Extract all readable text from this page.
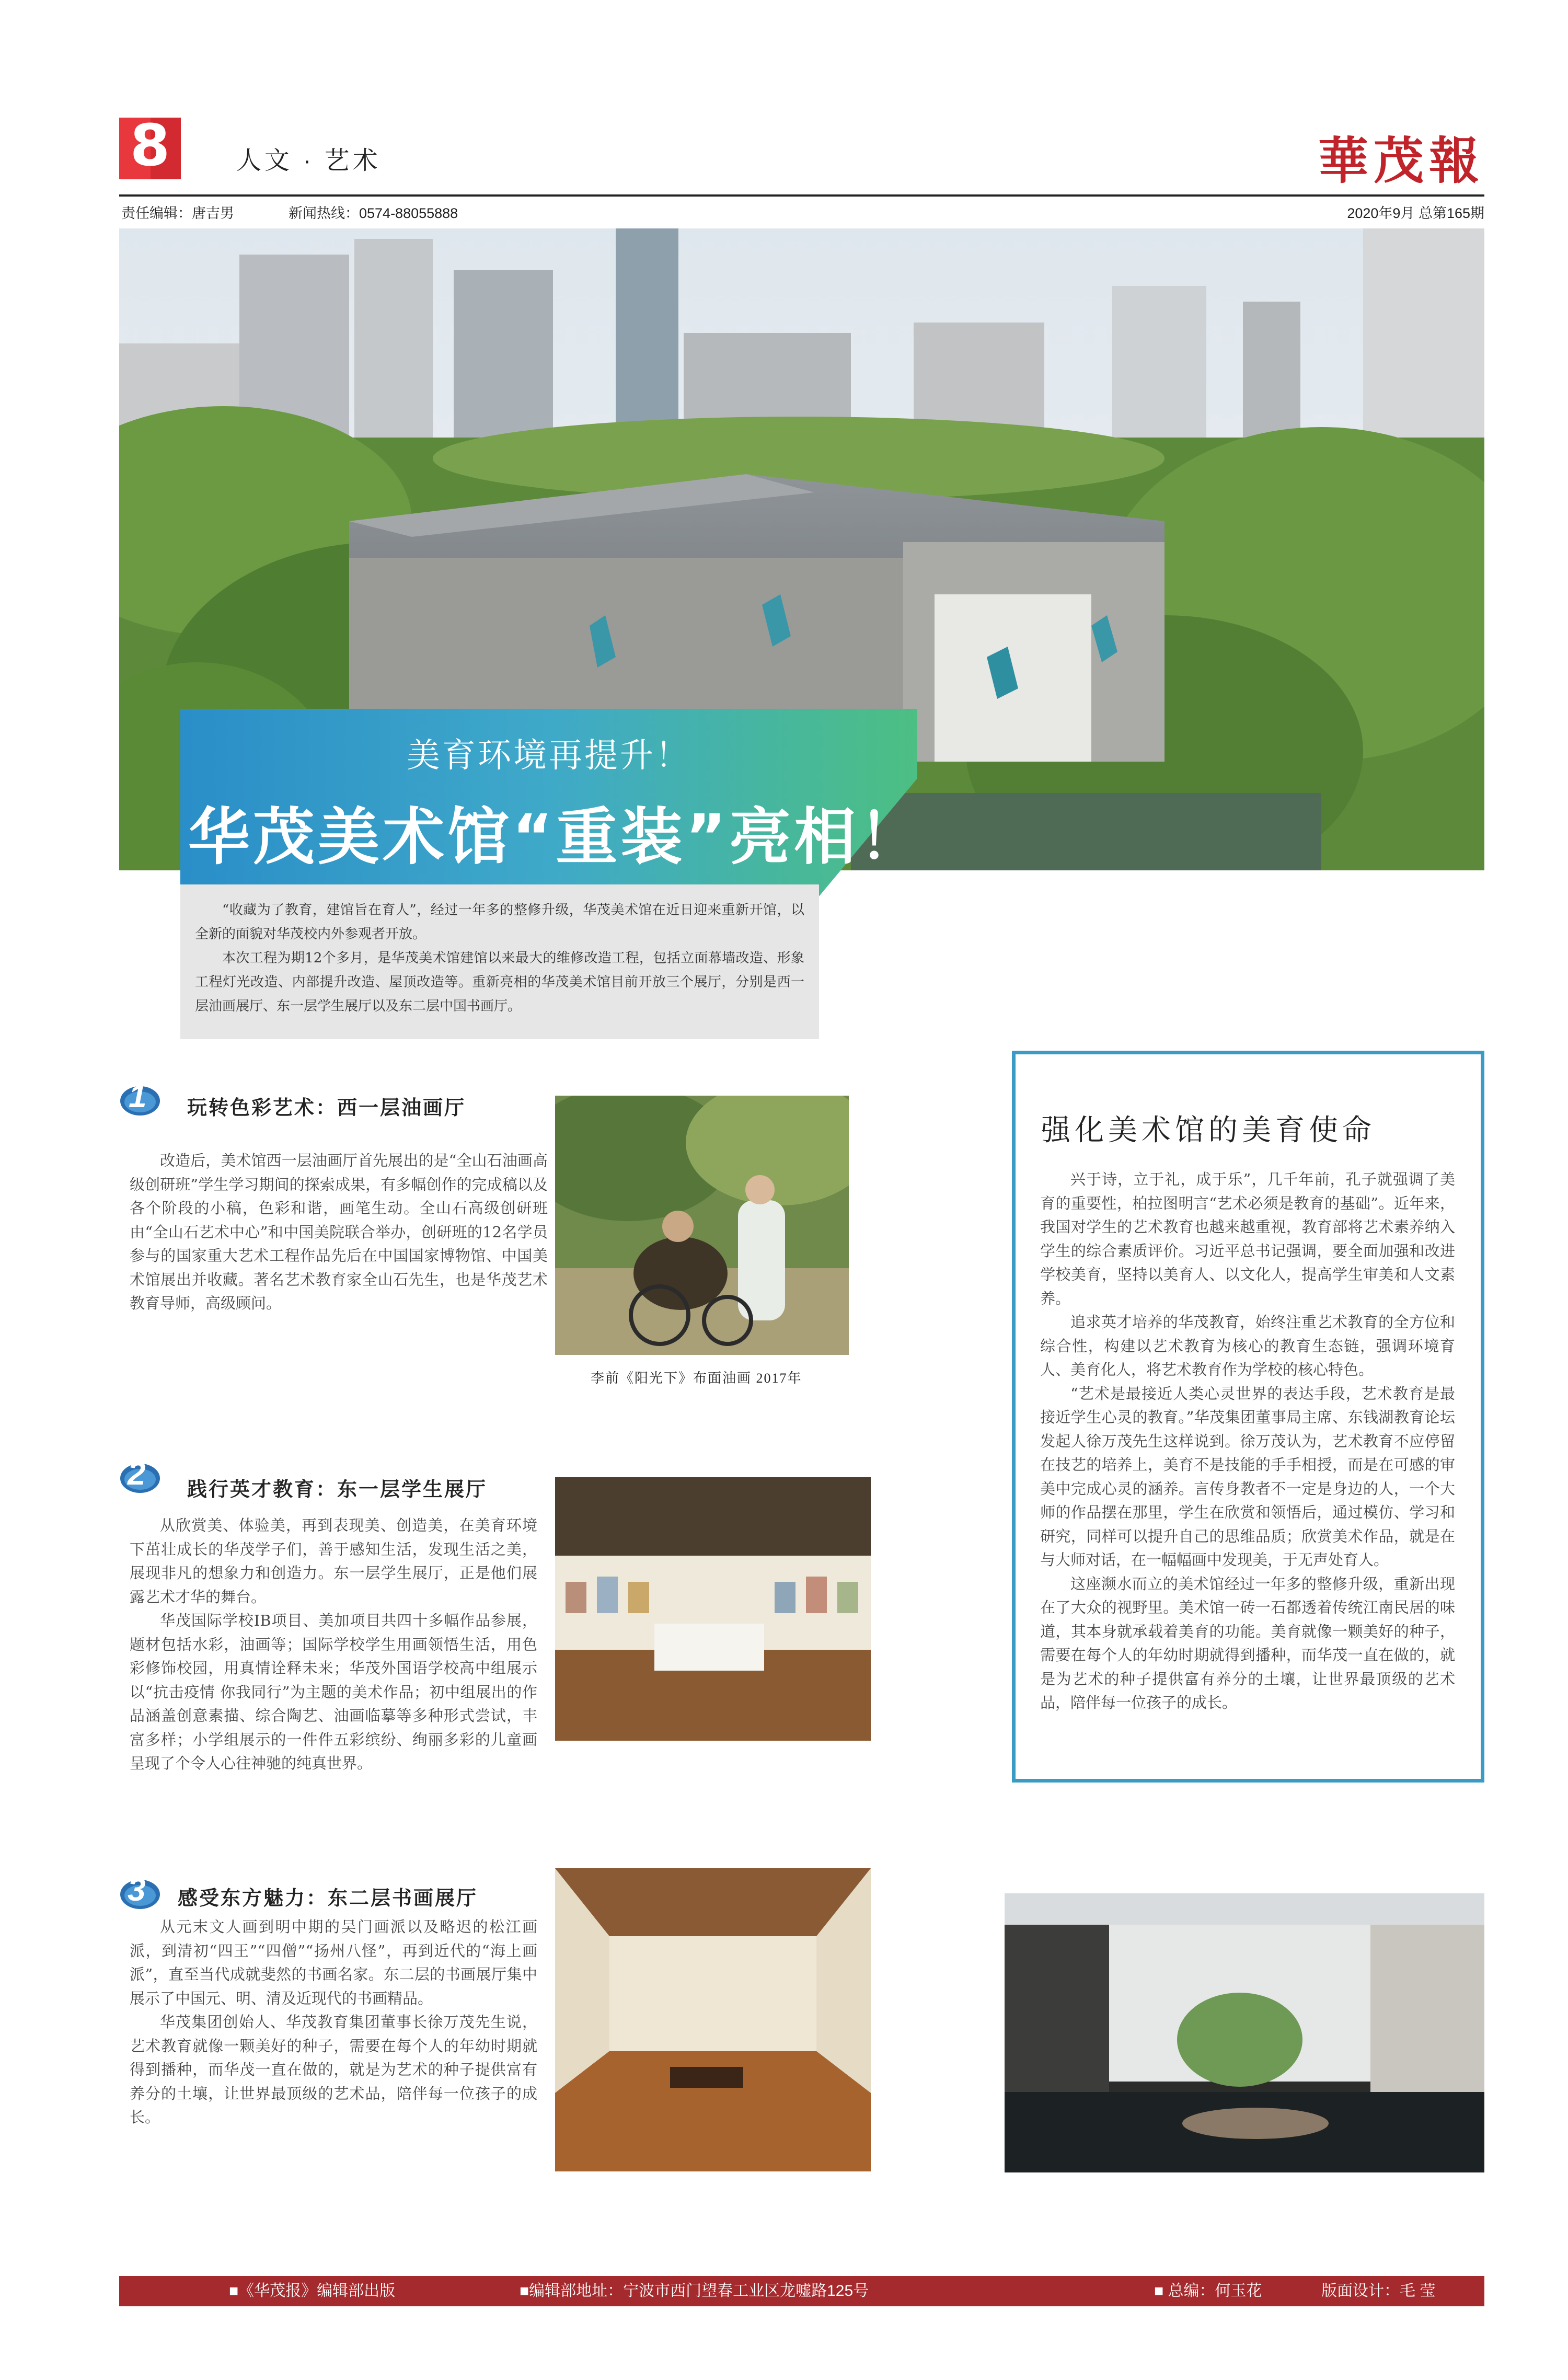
8	人文 · 艺术	華茂報
责任编辑：唐吉男	新闻热线：0574-88055888	2020年9月 总第165期
美育环境再提升！
华茂美术馆“重装”亮相！

“收藏为了教育，建馆旨在育人”，经过一年多的整修升级，华茂美术馆在近日迎来重新开馆，以全新的面貌对华茂校内外参观者开放。

本次工程为期12个多月，是华茂美术馆建馆以来最大的维修改造工程，包括立面幕墙改造、形象工程灯光改造、内部提升改造、屋顶改造等。重新亮相的华茂美术馆目前开放三个展厅，分别是西一层油画展厅、东一层学生展厅以及东二层中国书画厅。

1 玩转色彩艺术：西一层油画厅

改造后，美术馆西一层油画厅首先展出的是“全山石油画高级创研班”学生学习期间的探索成果，有多幅创作的完成稿以及各个阶段的小稿，色彩和谐，画笔生动。全山石高级创研班由“全山石艺术中心”和中国美院联合举办，创研班的12名学员参与的国家重大艺术工程作品先后在中国国家博物馆、中国美术馆展出并收藏。著名艺术教育家全山石先生，也是华茂艺术教育导师，高级顾问。

李前《阳光下》布面油画 2017年
2 践行英才教育：东一层学生展厅

从欣赏美、体验美，再到表现美、创造美，在美育环境下茁壮成长的华茂学子们，善于感知生活，发现生活之美，展现非凡的想象力和创造力。东一层学生展厅，正是他们展露艺术才华的舞台。

华茂国际学校IB项目、美加项目共四十多幅作品参展，题材包括水彩，油画等；国际学校学生用画领悟生活，用色彩修饰校园，用真情诠释未来；华茂外国语学校高中组展示以“抗击疫情 你我同行”为主题的美术作品；初中组展出的作品涵盖创意素描、综合陶艺、油画临摹等多种形式尝试，丰富多样；小学组展示的一件件五彩缤纷、绚丽多彩的儿童画呈现了个令人心往神驰的纯真世界。

3 感受东方魅力：东二层书画展厅

从元末文人画到明中期的吴门画派以及略迟的松江画派，到清初“四王”“四僧”“扬州八怪”，再到近代的“海上画派”，直至当代成就斐然的书画名家。东二层的书画展厅集中展示了中国元、明、清及近现代的书画精品。

华茂集团创始人、华茂教育集团董事长徐万茂先生说，艺术教育就像一颗美好的种子，需要在每个人的年幼时期就得到播种，而华茂一直在做的，就是为艺术的种子提供富有养分的土壤，让世界最顶级的艺术品，陪伴每一位孩子的成长。

强化美术馆的美育使命

兴于诗，立于礼，成于乐”，几千年前，孔子就强调了美育的重要性，柏拉图明言“艺术必须是教育的基础”。近年来，我国对学生的艺术教育也越来越重视，教育部将艺术素养纳入学生的综合素质评价。习近平总书记强调，要全面加强和改进学校美育，坚持以美育人、以文化人，提高学生审美和人文素养。

追求英才培养的华茂教育，始终注重艺术教育的全方位和综合性，构建以艺术教育为核心的教育生态链，强调环境育人、美育化人，将艺术教育作为学校的核心特色。

“艺术是最接近人类心灵世界的表达手段，艺术教育是最接近学生心灵的教育。”华茂集团董事局主席、东钱湖教育论坛发起人徐万茂先生这样说到。徐万茂认为，艺术教育不应停留在技艺的培养上，美育不是技能的手手相授，而是在可感的审美中完成心灵的涵养。言传身教者不一定是身边的人，一个大师的作品摆在那里，学生在欣赏和领悟后，通过模仿、学习和研究，同样可以提升自己的思维品质；欣赏美术作品，就是在与大师对话，在一幅幅画中发现美，于无声处育人。

这座濒水而立的美术馆经过一年多的整修升级，重新出现在了大众的视野里。美术馆一砖一石都透着传统江南民居的味道，其本身就承载着美育的功能。美育就像一颗美好的种子，需要在每个人的年幼时期就得到播种，而华茂一直在做的，就是为艺术的种子提供富有养分的土壤，让世界最顶级的艺术品，陪伴每一位孩子的成长。

■《华茂报》编辑部出版	■编辑部地址：宁波市西门望春工业区龙嘘路125号	■ 总编：何玉花	版面设计：毛 莹
